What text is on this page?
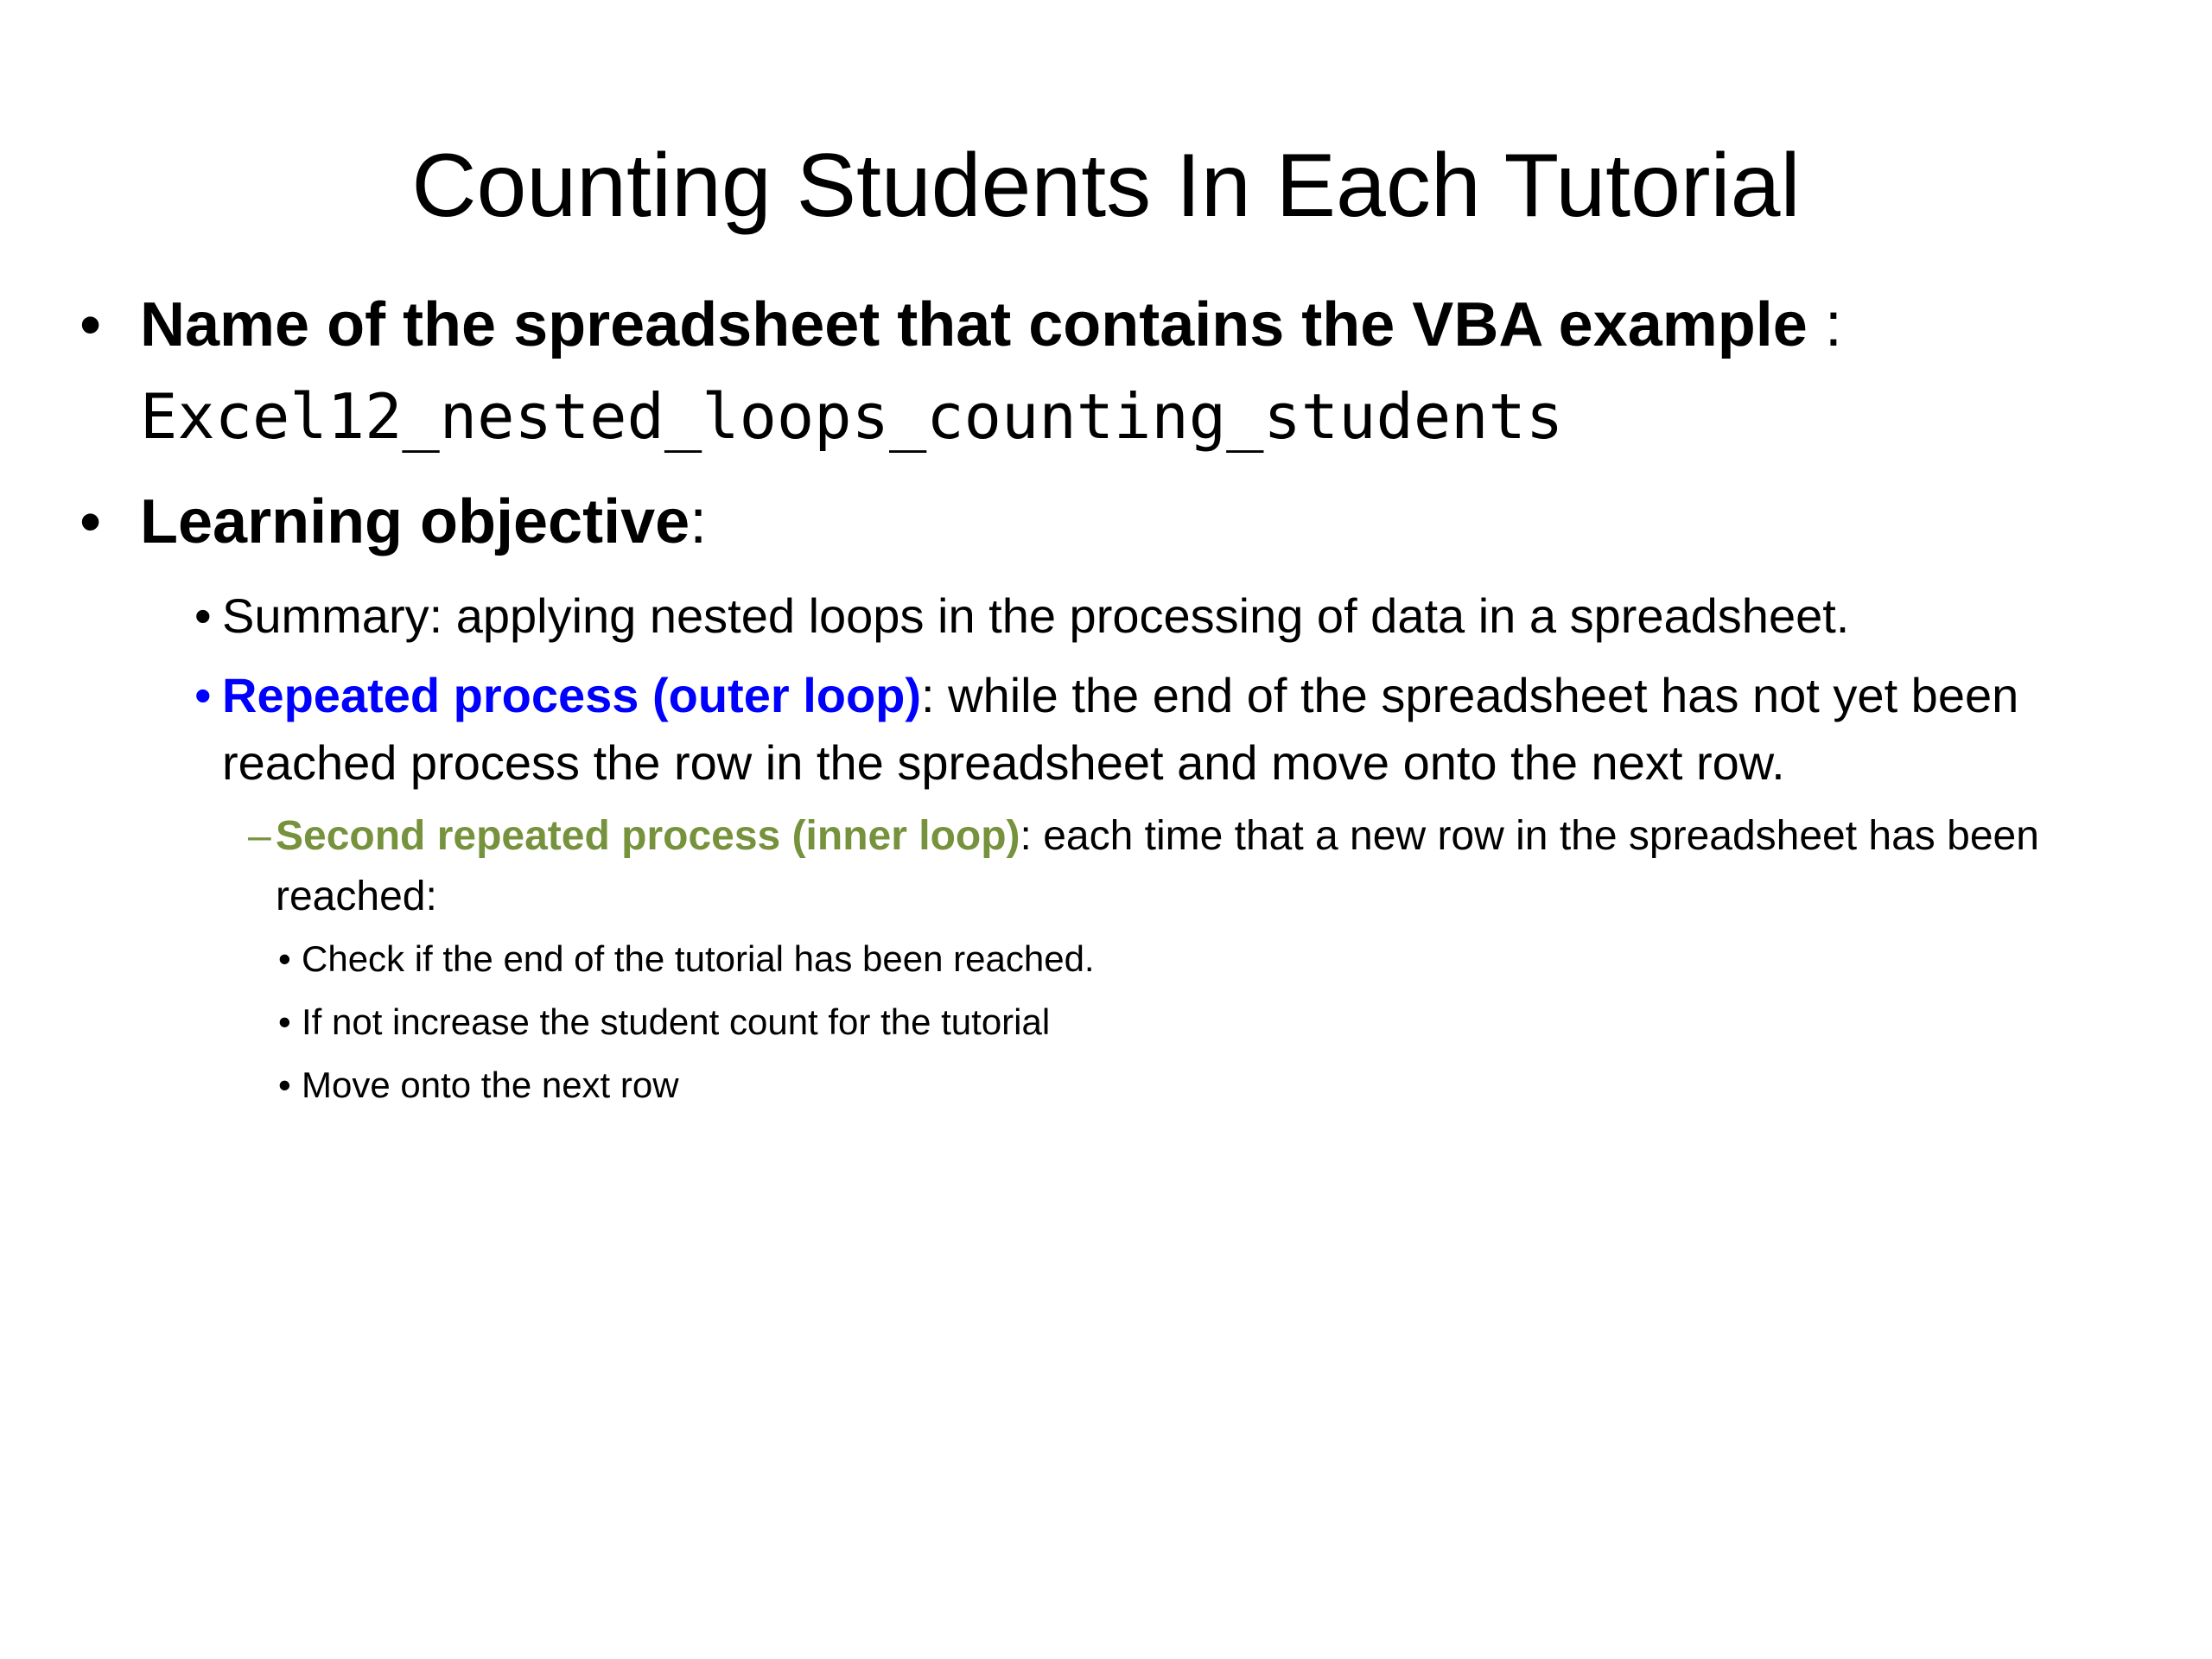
Counting Students In Each Tutorial
• Name of the spreadsheet that contains the VBA example :
Excel12_nested_loops_counting_students
• Learning objective:
• Summary: applying nested loops in the processing of data in a spreadsheet.
• Repeated process (outer loop): while the end of the spreadsheet has not yet been reached process the row in the spreadsheet and move onto the next row.
– Second repeated process (inner loop): each time that a new row in the spreadsheet has been reached:
• Check if the end of the tutorial has been reached.
• If not increase the student count for the tutorial
• Move onto the next row
